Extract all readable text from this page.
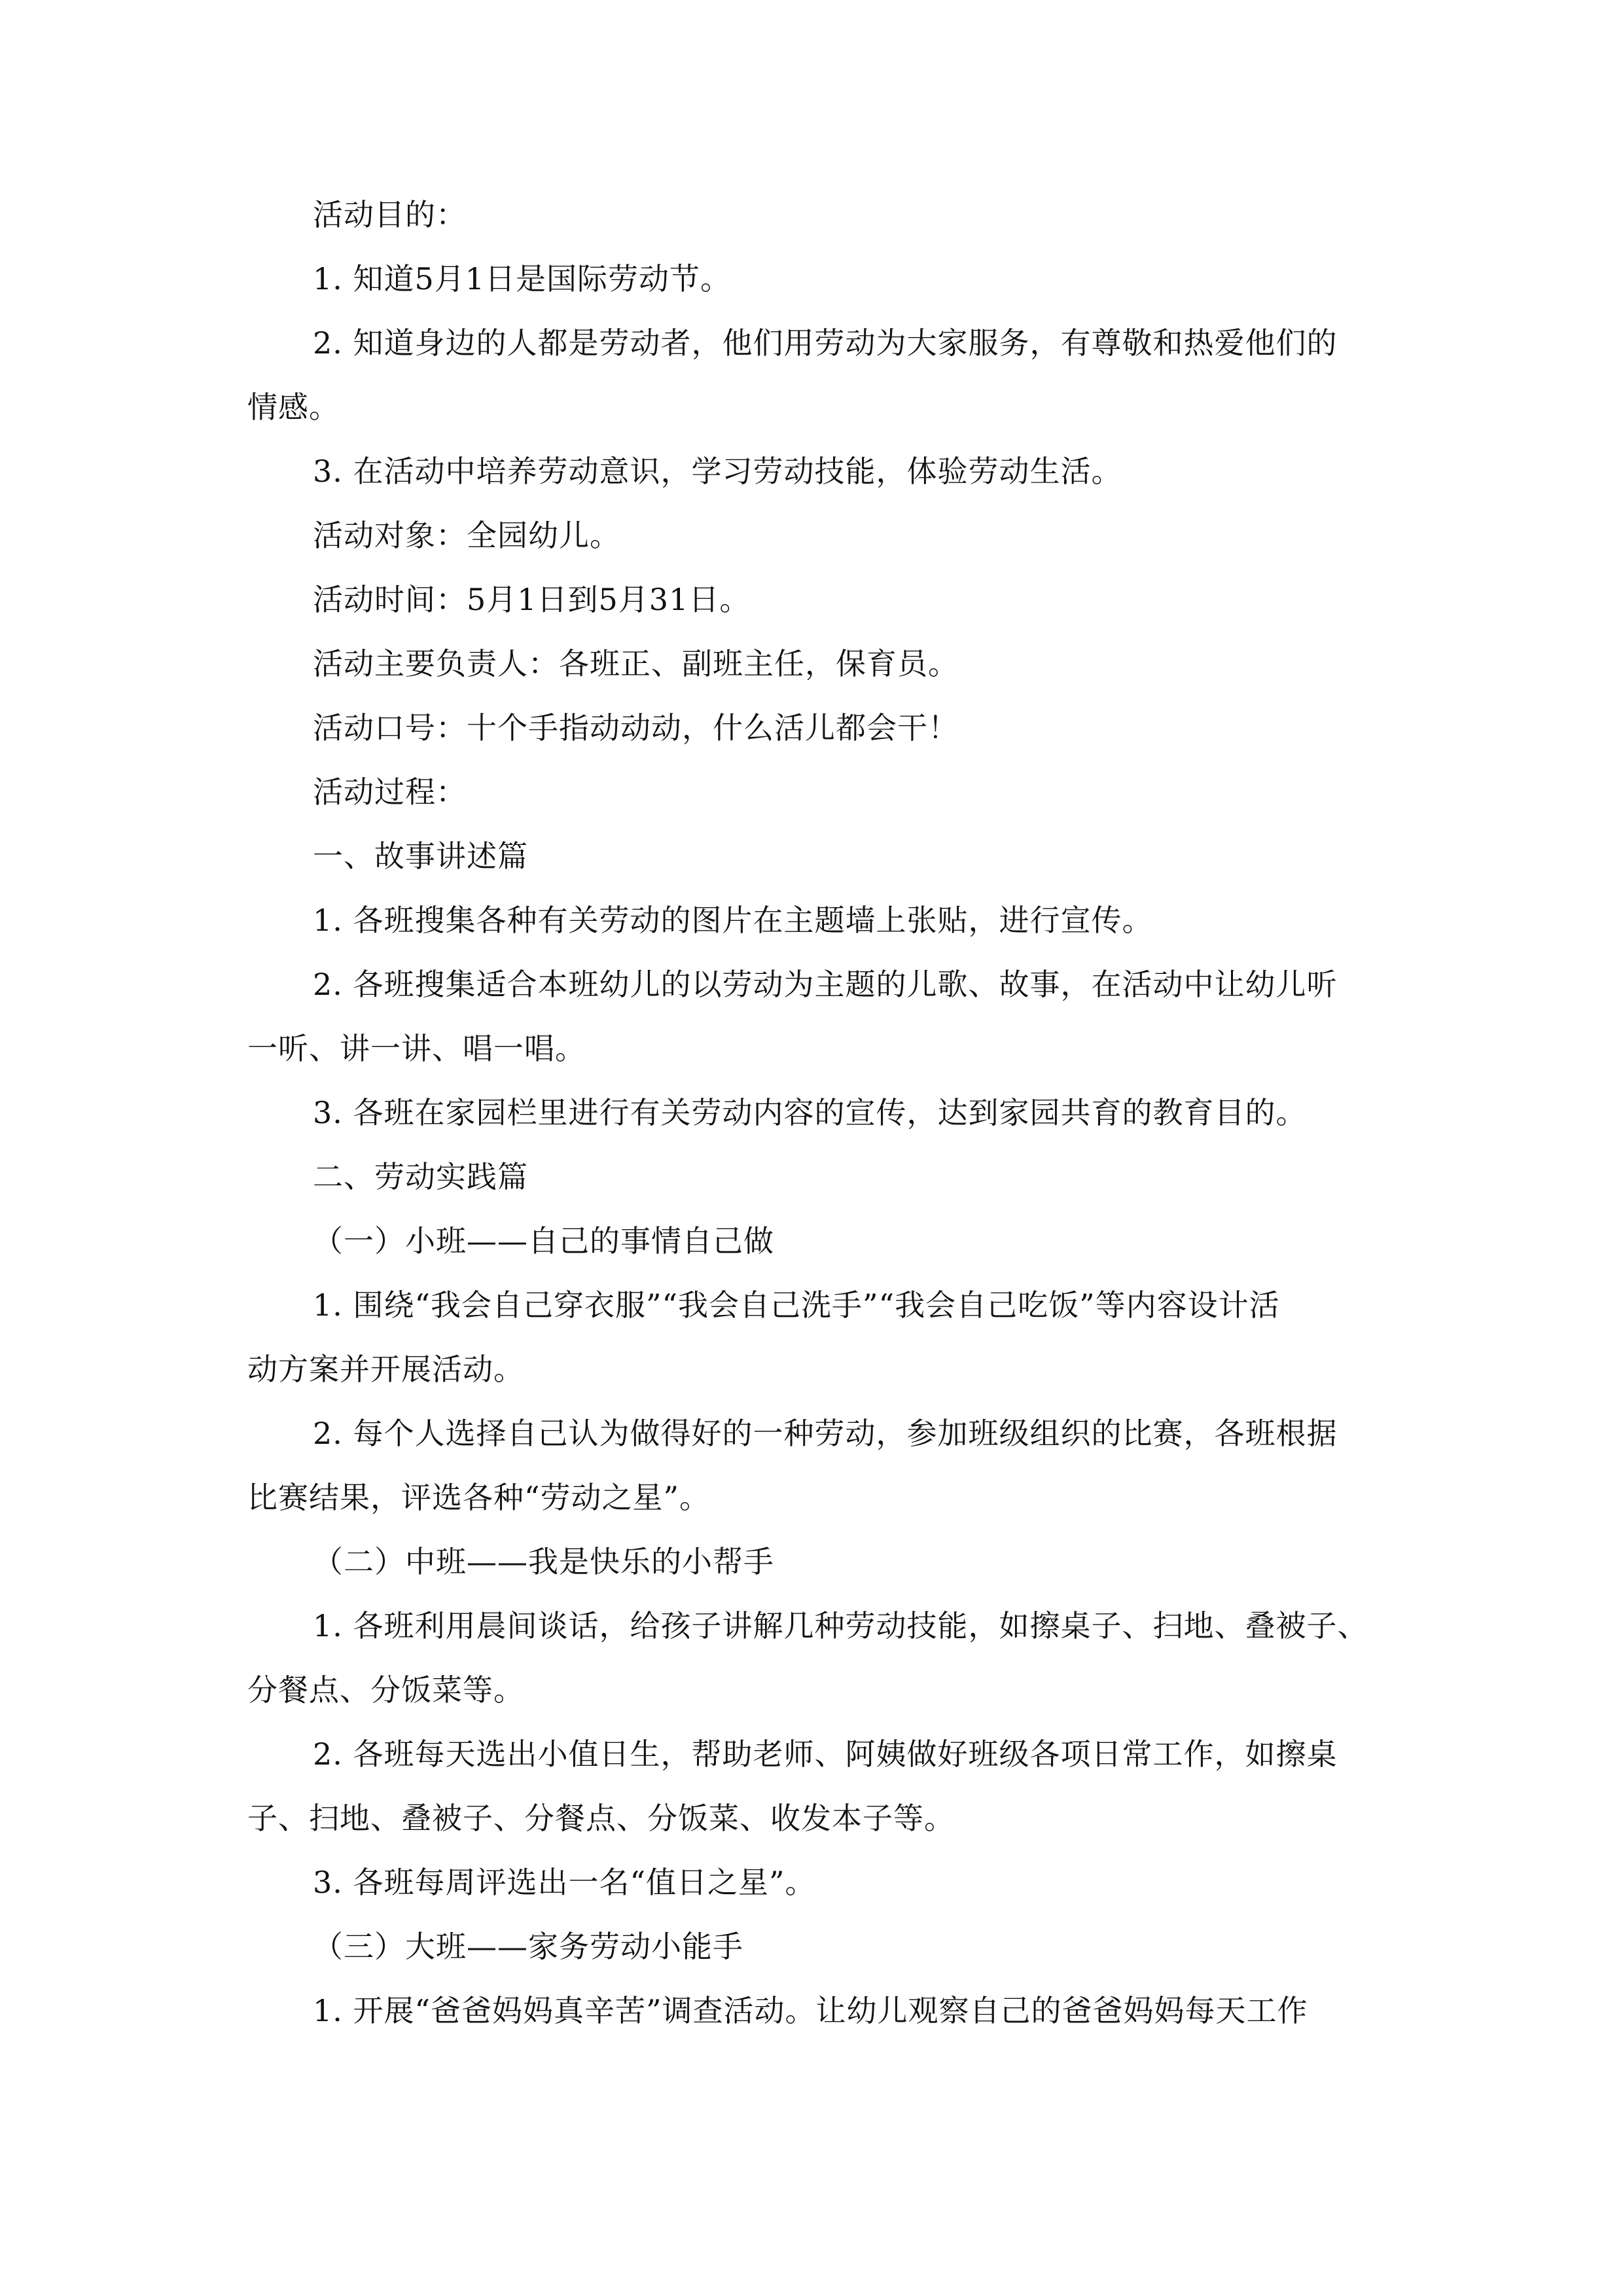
活动目的：

1. 知道5月1日是国际劳动节。

2. 知道身边的人都是劳动者，他们用劳动为大家服务，有尊敬和热爱他们的

情感。

3. 在活动中培养劳动意识，学习劳动技能，体验劳动生活。

活动对象：全园幼儿。

活动时间：5月1日到5月31日。

活动主要负责人：各班正、副班主任，保育员。

活动口号：十个手指动动动，什么活儿都会干！

活动过程：

一、故事讲述篇

1. 各班搜集各种有关劳动的图片在主题墙上张贴，进行宣传。

2. 各班搜集适合本班幼儿的以劳动为主题的儿歌、故事，在活动中让幼儿听

一听、讲一讲、唱一唱。

3. 各班在家园栏里进行有关劳动内容的宣传，达到家园共育的教育目的。

二、劳动实践篇

（一）小班——自己的事情自己做

1. 围绕“我会自己穿衣服”“我会自己洗手”“我会自己吃饭”等内容设计活

动方案并开展活动。

2. 每个人选择自己认为做得好的一种劳动，参加班级组织的比赛，各班根据

比赛结果，评选各种“劳动之星”。

（二）中班——我是快乐的小帮手

1. 各班利用晨间谈话，给孩子讲解几种劳动技能，如擦桌子、扫地、叠被子、

分餐点、分饭菜等。

2. 各班每天选出小值日生，帮助老师、阿姨做好班级各项日常工作，如擦桌

子、扫地、叠被子、分餐点、分饭菜、收发本子等。

3. 各班每周评选出一名“值日之星”。

（三）大班——家务劳动小能手

1. 开展“爸爸妈妈真辛苦”调查活动。让幼儿观察自己的爸爸妈妈每天工作
